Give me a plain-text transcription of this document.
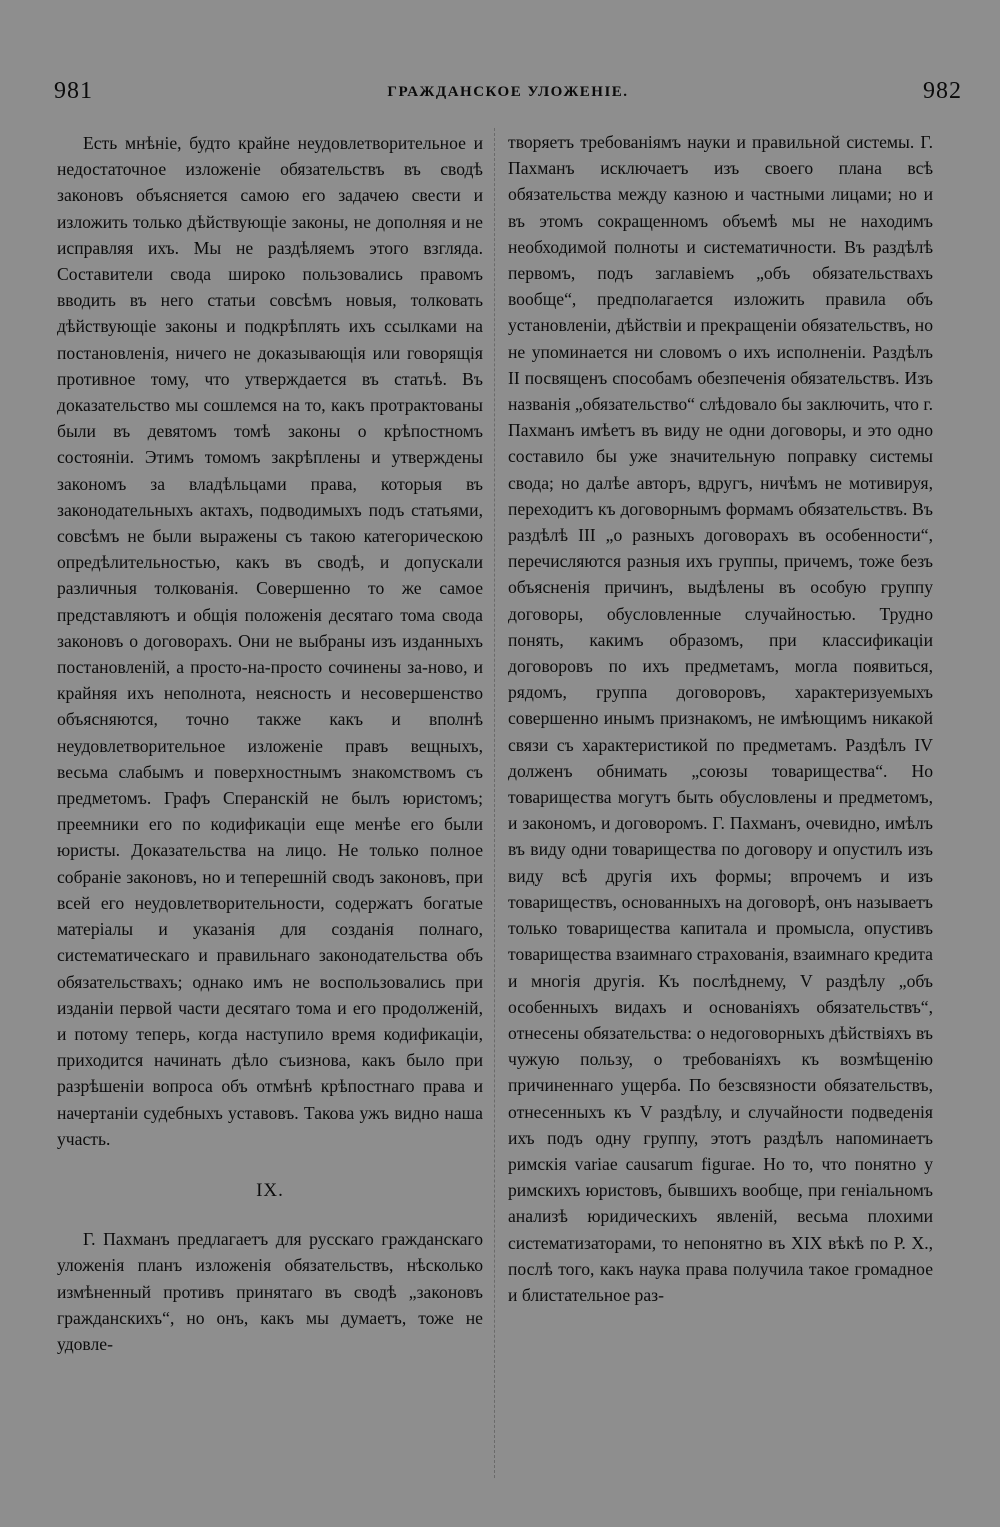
981	ГРАЖДАНСКОЕ УЛОЖЕНІЕ.	982

Есть мнѣніе, будто крайне неудовлетворительное и недостаточное изложеніе обязательствъ въ сводѣ законовъ объясняется самою его задачею свести и изложить только дѣйствующіе законы, не дополняя и не исправляя ихъ. Мы не раздѣляемъ этого взгляда. Составители свода широко пользовались правомъ вводить въ него статьи совсѣмъ новыя, толковать дѣйствующіе законы и подкрѣплять ихъ ссылками на постановленія, ничего не доказывающія или говорящія противное тому, что утверждается въ статьѣ. Въ доказательство мы сошлемся на то, какъ протрактованы были въ девятомъ томѣ законы о крѣпостномъ состояніи. Этимъ томомъ закрѣплены и утверждены закономъ за владѣльцами права, которыя въ законодательныхъ актахъ, подводимыхъ подъ статьями, совсѣмъ не были выражены съ такою категорическою опредѣлительностью, какъ въ сводѣ, и допускали различныя толкованія. Совершенно то же самое представляютъ и общія положенія десятаго тома свода законовъ о договорахъ. Они не выбраны изъ изданныхъ постановленій, а просто-на-просто сочинены за-ново, и крайняя ихъ неполнота, неясность и несовершенство объясняются, точно также какъ и вполнѣ неудовлетворительное изложеніе правъ вещныхъ, весьма слабымъ и поверхностнымъ знакомствомъ съ предметомъ. Графъ Сперанскій не былъ юристомъ; преемники его по кодификаціи еще менѣе его были юристы. Доказательства на лицо. Не только полное собраніе законовъ, но и теперешній сводъ законовъ, при всей его неудовлетворительности, содержатъ богатые матеріалы и указанія для созданія полнаго, систематическаго и правильнаго законодательства объ обязательствахъ; однако имъ не воспользовались при изданіи первой части десятаго тома и его продолженій, и потому теперь, когда наступило время кодификаціи, приходится начинать дѣло съизнова, какъ было при разрѣшеніи вопроса объ отмѣнѣ крѣпостнаго права и начертаніи судебныхъ уставовъ. Такова ужъ видно наша участь.

IX.

Г. Пахманъ предлагаетъ для русскаго гражданскаго уложенія планъ изложенія обязательствъ, нѣсколько измѣненный противъ принятаго въ сводѣ „законовъ гражданскихъ“, но онъ, какъ мы думаетъ, тоже не удовле-

творяетъ требованіямъ науки и правильной системы. Г. Пахманъ исключаетъ изъ своего плана всѣ обязательства между казною и частными лицами; но и въ этомъ сокращенномъ объемѣ мы не находимъ необходимой полноты и систематичности. Въ раздѣлѣ первомъ, подъ заглавіемъ „объ обязательствахъ вообще“, предполагается изложить правила объ установленіи, дѣйствіи и прекращеніи обязательствъ, но не упоминается ни словомъ о ихъ исполненіи. Раздѣлъ II посвященъ способамъ обезпеченія обязательствъ. Изъ названія „обязательство“ слѣдовало бы заключить, что г. Пахманъ имѣетъ въ виду не одни договоры, и это одно составило бы уже значительную поправку системы свода; но далѣе авторъ, вдругъ, ничѣмъ не мотивируя, переходитъ къ договорнымъ формамъ обязательствъ. Въ раздѣлѣ III „о разныхъ договорахъ въ особенности“, перечисляются разныя ихъ группы, причемъ, тоже безъ объясненія причинъ, выдѣлены въ особую группу договоры, обусловленные случайностью. Трудно понять, какимъ образомъ, при классификаціи договоровъ по ихъ предметамъ, могла появиться, рядомъ, группа договоровъ, характеризуемыхъ совершенно инымъ признакомъ, не имѣющимъ никакой связи съ характеристикой по предметамъ. Раздѣлъ IV долженъ обнимать „союзы товарищества“. Но товарищества могутъ быть обусловлены и предметомъ, и закономъ, и договоромъ. Г. Пахманъ, очевидно, имѣлъ въ виду одни товарищества по договору и опустилъ изъ виду всѣ другія ихъ формы; впрочемъ и изъ товариществъ, основанныхъ на договорѣ, онъ называетъ только товарищества капитала и промысла, опустивъ товарищества взаимнаго страхованія, взаимнаго кредита и многія другія. Къ послѣднему, V раздѣлу „объ особенныхъ видахъ и основаніяхъ обязательствъ“, отнесены обязательства: о недоговорныхъ дѣйствіяхъ въ чужую пользу, о требованіяхъ къ возмѣщенію причиненнаго ущерба. По безсвязности обязательствъ, отнесенныхъ къ V раздѣлу, и случайности подведенія ихъ подъ одну группу, этотъ раздѣлъ напоминаетъ римскія variae causarum figurae. Но то, что понятно у римскихъ юристовъ, бывшихъ вообще, при геніальномъ анализѣ юридическихъ явленій, весьма плохими систематизаторами, то непонятно въ XIX вѣкѣ по Р. Х., послѣ того, какъ наука права получила такое громадное и блистательное раз-
